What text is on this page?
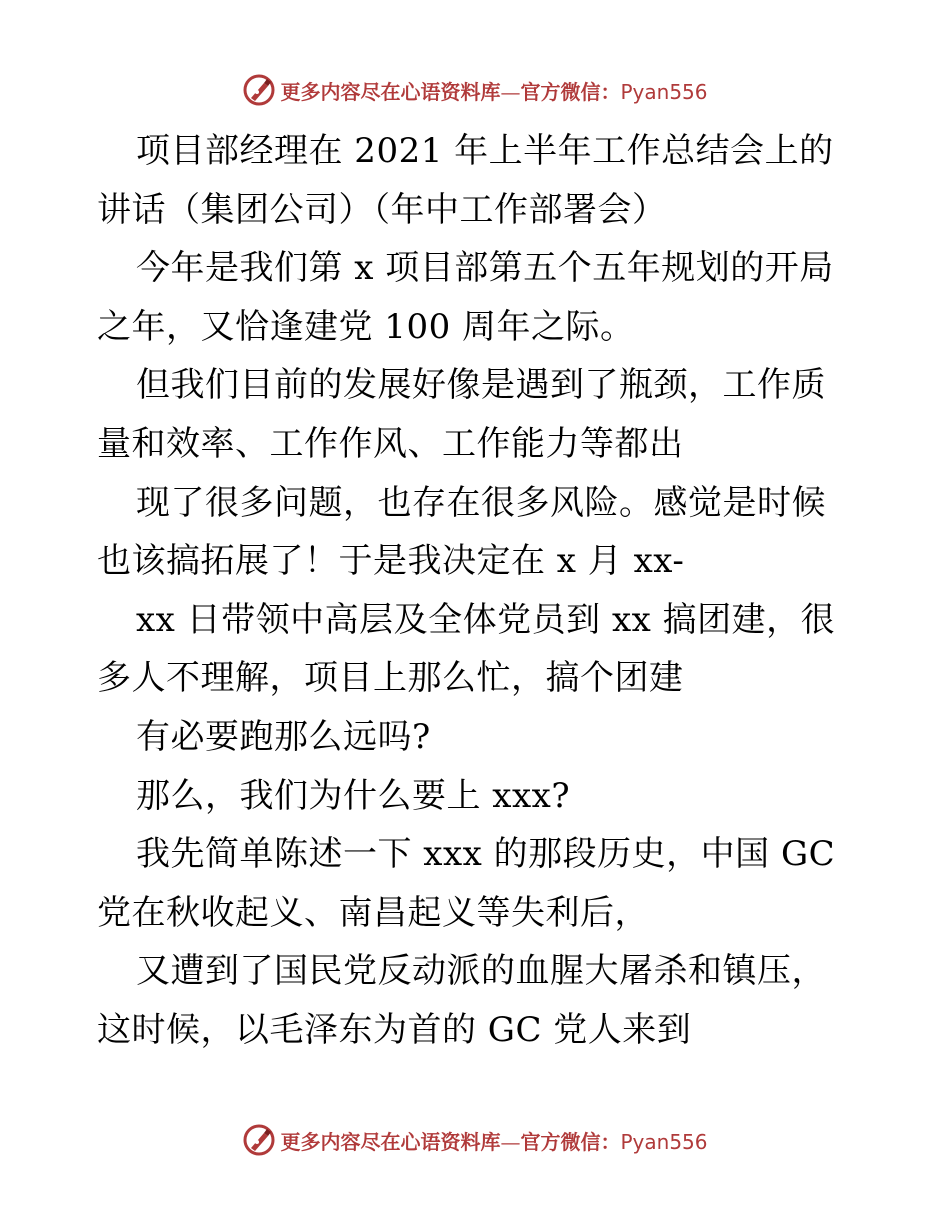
更多内容尽在心语资料库—官方微信：Pyan556

项目部经理在 2021 年上半年工作总结会上的讲话（集团公司）（年中工作部署会）

今年是我们第 x 项目部第五个五年规划的开局之年，又恰逢建党 100 周年之际。

但我们目前的发展好像是遇到了瓶颈，工作质量和效率、工作作风、工作能力等都出

现了很多问题，也存在很多风险。感觉是时候也该搞拓展了！于是我决定在 x 月 xx-

xx 日带领中高层及全体党员到 xx 搞团建，很多人不理解，项目上那么忙，搞个团建

有必要跑那么远吗?

那么，我们为什么要上 xxx?

我先简单陈述一下 xxx 的那段历史，中国 GC 党在秋收起义、南昌起义等失利后，

又遭到了国民党反动派的血腥大屠杀和镇压，这时候，以毛泽东为首的 GC 党人来到

更多内容尽在心语资料库—官方微信：Pyan556
